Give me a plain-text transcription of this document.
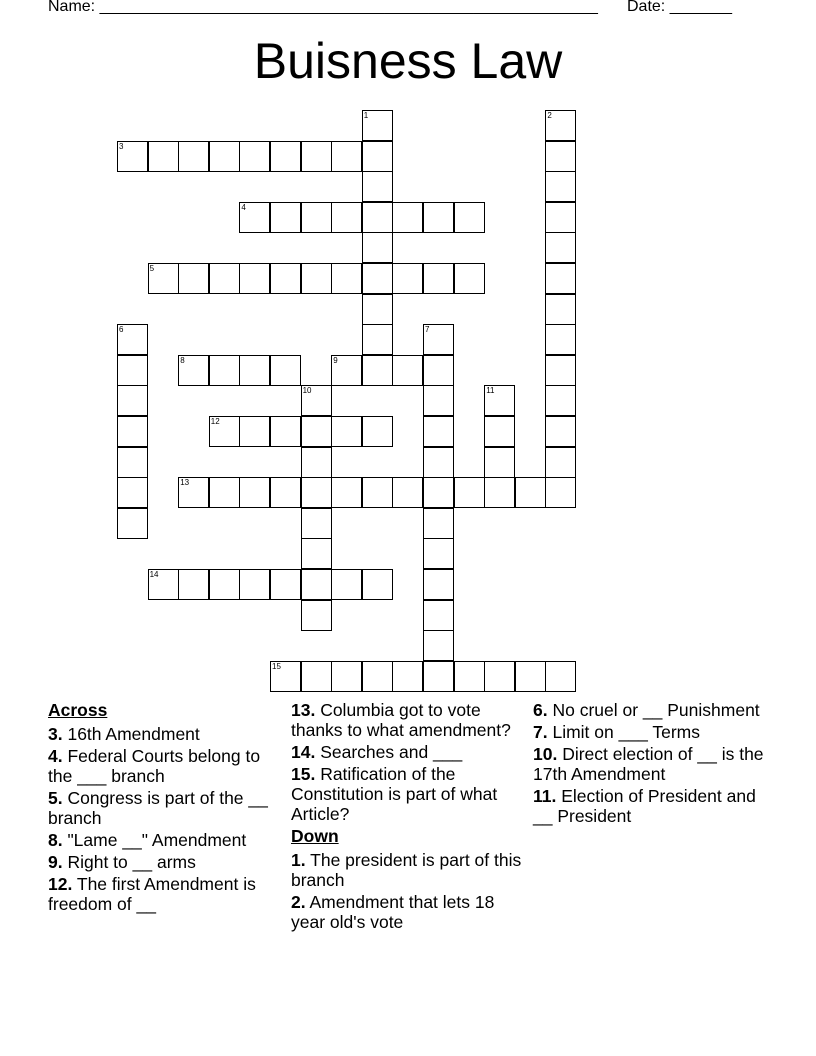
Name: ________________________________________________________ Date: _______
Buisness Law
1	2
3
4
5
6	7
8	9
10	11
12
13
14
15
Across
3. 16th Amendment
4. Federal Courts belong to the ___ branch
5. Congress is part of the __ branch
8. "Lame __" Amendment
9. Right to __ arms
12. The first Amendment is freedom of __
13. Columbia got to vote thanks to what amendment?
14. Searches and ___
15. Ratification of the Constitution is part of what Article?
Down
1. The president is part of this branch
2. Amendment that lets 18 year old's vote
6. No cruel or __ Punishment
7. Limit on ___ Terms
10. Direct election of __ is the 17th Amendment
11. Election of President and __ President
